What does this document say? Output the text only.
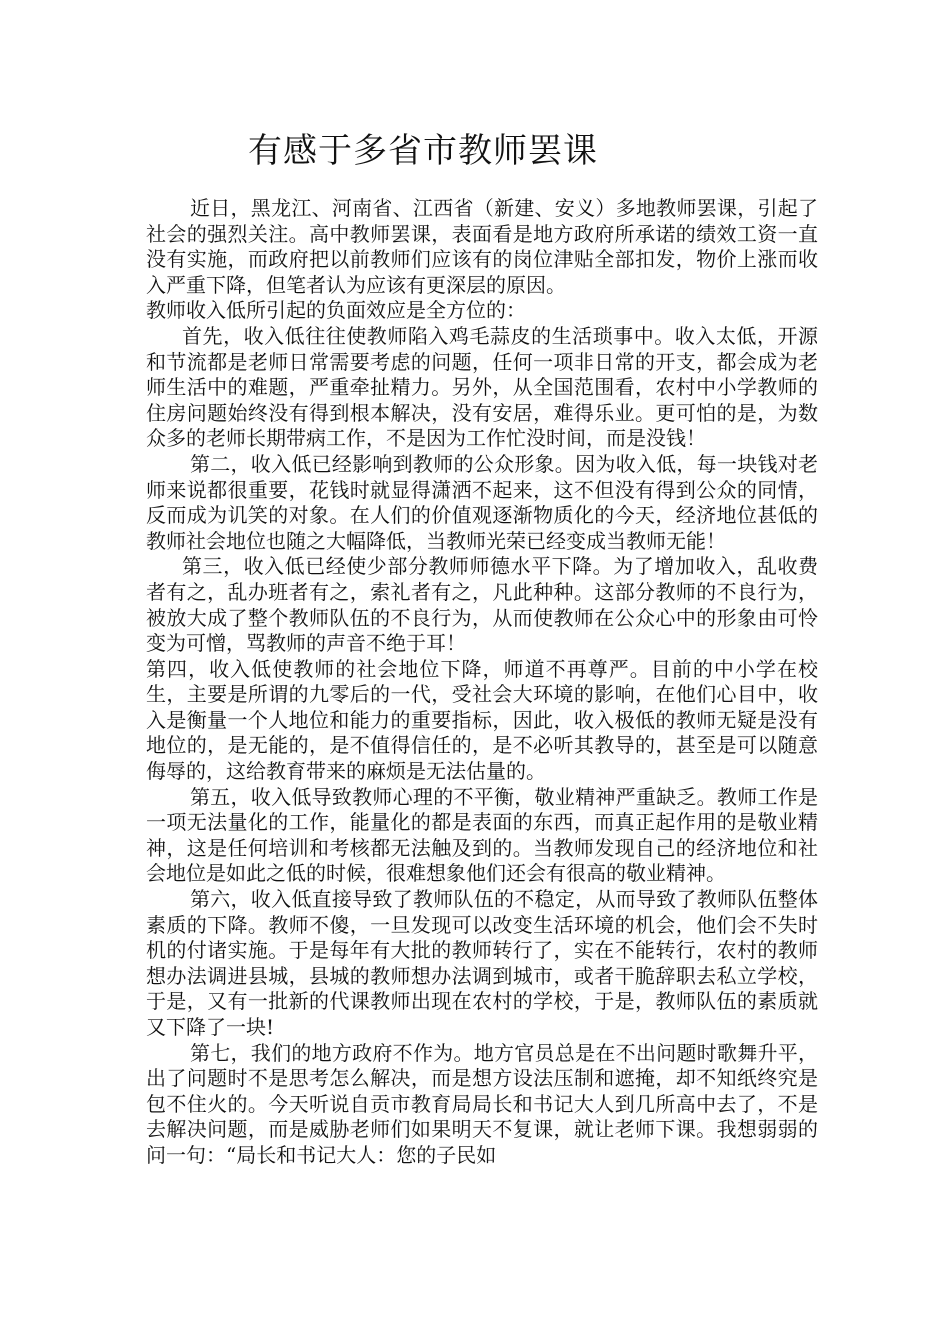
有感于多省市教师罢课

近日，黑龙江、河南省、江西省（新建、安义）多地教师罢课，引起了社会的强烈关注。高中教师罢课，表面看是地方政府所承诺的绩效工资一直没有实施，而政府把以前教师们应该有的岗位津贴全部扣发，物价上涨而收入严重下降，但笔者认为应该有更深层的原因。

教师收入低所引起的负面效应是全方位的：

首先，收入低往往使教师陷入鸡毛蒜皮的生活琐事中。收入太低，开源和节流都是老师日常需要考虑的问题，任何一项非日常的开支，都会成为老师生活中的难题，严重牵扯精力。另外，从全国范围看，农村中小学教师的住房问题始终没有得到根本解决，没有安居，难得乐业。更可怕的是，为数众多的老师长期带病工作，不是因为工作忙没时间，而是没钱！

第二，收入低已经影响到教师的公众形象。因为收入低，每一块钱对老师来说都很重要，花钱时就显得潇洒不起来，这不但没有得到公众的同情，反而成为讥笑的对象。在人们的价值观逐渐物质化的今天，经济地位甚低的教师社会地位也随之大幅降低，当教师光荣已经变成当教师无能！

第三，收入低已经使少部分教师师德水平下降。为了增加收入，乱收费者有之，乱办班者有之，索礼者有之，凡此种种。这部分教师的不良行为，被放大成了整个教师队伍的不良行为，从而使教师在公众心中的形象由可怜变为可憎，骂教师的声音不绝于耳！

第四，收入低使教师的社会地位下降，师道不再尊严。目前的中小学在校生，主要是所谓的九零后的一代，受社会大环境的影响，在他们心目中，收入是衡量一个人地位和能力的重要指标，因此，收入极低的教师无疑是没有地位的，是无能的，是不值得信任的，是不必听其教导的，甚至是可以随意侮辱的，这给教育带来的麻烦是无法估量的。

第五，收入低导致教师心理的不平衡，敬业精神严重缺乏。教师工作是一项无法量化的工作，能量化的都是表面的东西，而真正起作用的是敬业精神，这是任何培训和考核都无法触及到的。当教师发现自己的经济地位和社会地位是如此之低的时候，很难想象他们还会有很高的敬业精神。

第六，收入低直接导致了教师队伍的不稳定，从而导致了教师队伍整体素质的下降。教师不傻，一旦发现可以改变生活环境的机会，他们会不失时机的付诸实施。于是每年有大批的教师转行了，实在不能转行，农村的教师想办法调进县城，县城的教师想办法调到城市，或者干脆辞职去私立学校，于是，又有一批新的代课教师出现在农村的学校，于是，教师队伍的素质就又下降了一块!

第七，我们的地方政府不作为。地方官员总是在不出问题时歌舞升平，出了问题时不是思考怎么解决，而是想方设法压制和遮掩，却不知纸终究是包不住火的。今天听说自贡市教育局局长和书记大人到几所高中去了，不是去解决问题，而是威胁老师们如果明天不复课，就让老师下课。我想弱弱的问一句：“局长和书记大人：您的子民如
